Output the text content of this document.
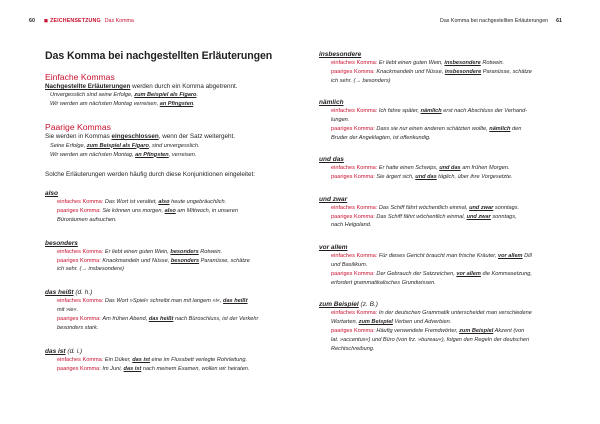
60 ◼ ZEICHENSETZUNG Das Komma
Das Komma bei nachgestellten Erläuterungen
Einfache Kommas
Nachgestellte Erläuterungen werden durch ein Komma abgetrennt.
Unvergesslich sind seine Erfolge, zum Beispiel als Figaro.
Wir werden am nächsten Montag verreisen, an Pfingsten.
Paarige Kommas
Sie werden in Kommas eingeschlossen, wenn der Satz weitergeht.
Seine Erfolge, zum Beispiel als Figaro, sind unvergesslich.
Wir werden am nächsten Montag, an Pfingsten, verreisen.
Solche Erläuterungen werden häufig durch diese Konjunktionen eingeleitet:
also
einfaches Komma: Das Wort ist veraltet, also heute ungebräuchlich.
paariges Komma: Sie können uns morgen, also am Mittwoch, in unseren
Büroräumen aufsuchen.
besonders
einfaches Komma: Er liebt einen guten Wein, besonders Rotwein.
paariges Komma: Knackmandeln und Nüsse, besonders Paranüsse, schätze
ich sehr. (→ insbesondere)
das heißt (d. h.)
einfaches Komma: Das Wort »Spiel« schreibt man mit langem »i«, das heißt
mit »ie«.
paariges Komma: Am frühen Abend, das heißt nach Büroschluss, ist der Verkehr
besonders stark.
das ist (d. i.)
einfaches Komma: Ein Düker, das ist eine im Flussbett verlegte Rohrleitung.
paariges Komma: Im Juni, das ist nach meinem Examen, wollen wir heiraten.
Das Komma bei nachgestellten Erläuterungen 61
insbesondere
einfaches Komma: Er liebt einen guten Wein, insbesondere Rotwein.
paariges Komma: Knackmandeln und Nüsse, insbesondere Paranüsse, schätze
ich sehr. (→ besonders)
nämlich
einfaches Komma: Ich fahre später, nämlich erst nach Abschluss der Verhand-
lungen.
paariges Komma: Dass sie nur einen anderen schätzten wollte, nämlich den
Bruder der Angeklagten, ist offenkundig.
und das
einfaches Komma: Er hatte einen Schwips, und das am frühen Morgen.
paariges Komma: Sie ärgert sich, und das täglich, über ihre Vorgesetzte.
und zwar
einfaches Komma: Das Schiff fährt wöchentlich einmal, und zwar sonntags.
paariges Komma: Das Schiff fährt wöchentlich einmal, und zwar sonntags,
nach Helgoland.
vor allem
einfaches Komma: Für dieses Gericht braucht man frische Kräuter, vor allem Dill
und Basilikum.
paariges Komma: Der Gebrauch der Satzzeichen, vor allem die Kommasetzung,
erfordert grammatikalisches Grundwissen.
zum Beispiel (z. B.)
einfaches Komma: In der deutschen Grammatik unterscheidet man verschiedene
Wortarten, zum Beispiel Verben und Adverbien.
paariges Komma: Häufig verwendete Fremdwörter, zum Beispiel Akzent (von
lat. »accentus«) und Büro (von frz. »bureau«), folgen den Regeln der deutschen
Rechtschreibung.
